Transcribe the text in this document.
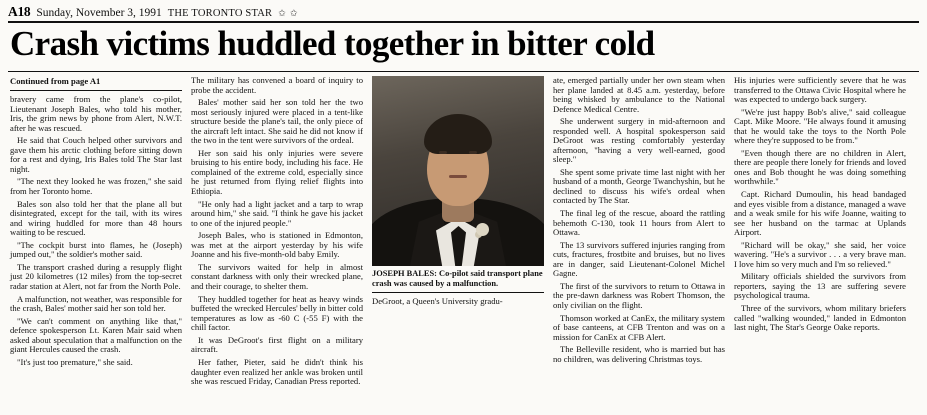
A18 Sunday, November 3, 1991 THE TORONTO STAR ✩ ✩
Crash victims huddled together in bitter cold
Continued from page A1

bravery came from the plane's co-pilot, Lieutenant Joseph Bales, who told his mother, Iris, the grim news by phone from Alert, N.W.T. after he was rescued.

He said that Couch helped other survivors and gave them his arctic clothing before sitting down for a rest and dying, Iris Bales told The Star last night.

"The next they looked he was frozen," she said from her Toronto home.

Bales son also told her that the plane all but disintegrated, except for the tail, with its wires and wiring huddled for more than 48 hours waiting to be rescued.

"The cockpit burst into flames, he (Joseph) jumped out," the soldier's mother said.

The transport crashed during a resupply flight just 20 kilometres (12 miles) from the top-secret radar station at Alert, not far from the North Pole.

A malfunction, not weather, was responsible for the crash, Bales' mother said her son told her.

"We can't comment on anything like that," defence spokesperson Lt. Karen Mair said when asked about speculation that a malfunction on the giant Hercules caused the crash.

"It's just too premature," she said.

The military has convened a board of inquiry to probe the accident.

Bales' mother said her son told her the two most seriously injured were placed in a tent-like structure beside the plane's tail, the only piece of the aircraft left intact. She said he did not know if the two in the tent were survivors of the ordeal.

Her son said his only injuries were severe bruising to his entire body, including his face. He complained of the extreme cold, especially since he just returned from flying relief flights into Ethiopia.

"He only had a light jacket and a tarp to wrap around him," she said. "I think he gave his jacket to one of the injured people."

Joseph Bales, who is stationed in Edmonton, was met at the airport yesterday by his wife Joanne and his five-month-old baby Emily.

The survivors waited for help in almost constant darkness with only their wrecked plane, and their courage, to shelter them.

They huddled together for heat as heavy winds buffeted the wrecked Hercules' belly in bitter cold temperatures as low as -60 C (-55 F) with the chill factor.

It was DeGroot's first flight on a military aircraft.

Her father, Pieter, said he didn't think his daughter even realized her ankle was broken until she was rescued Friday, Canadian Press reported.

JOSEPH BALES: Co-pilot said transport plane crash was caused by a malfunction.

DeGroot, a Queen's University gradu-

ate, emerged partially under her own steam when her plane landed at 8.45 a.m. yesterday, before being whisked by ambulance to the National Defence Medical Centre.

She underwent surgery in mid-afternoon and responded well. A hospital spokesperson said DeGroot was resting comfortably yesterday afternoon, "having a very well-earned, good sleep."

She spent some private time last night with her husband of a month, George Twanchyshin, but he declined to discuss his wife's ordeal when contacted by The Star.

The final leg of the rescue, aboard the rattling behemoth C-130, took 11 hours from Alert to Ottawa.

The 13 survivors suffered injuries ranging from cuts, fractures, frostbite and bruises, but no lives are in danger, said Lieutenant-Colonel Michel Gagne.

The first of the survivors to return to Ottawa in the pre-dawn darkness was Robert Thomson, the only civilian on the flight.

Thomson worked at CanEx, the military system of base canteens, at CFB Trenton and was on a mission for CanEx at CFB Alert.

The Belleville resident, who is married but has no children, was delivering Christmas toys.

His injuries were sufficiently severe that he was transferred to the Ottawa Civic Hospital where he was expected to undergo back surgery.

"We're just happy Bob's alive," said colleague Capt. Mike Moore. "He always found it amusing that he would take the toys to the North Pole where they're supposed to be from."

"Even though there are no children in Alert, there are people there lonely for friends and loved ones and Bob thought he was doing something worthwhile."

Capt. Richard Dumoulin, his head bandaged and eyes visible from a distance, managed a wave and a weak smile for his wife Joanne, waiting to see her husband on the tarmac at Uplands Airport.

"Richard will be okay," she said, her voice wavering. "He's a survivor . . . a very brave man. I love him so very much and I'm so relieved."

Military officials shielded the survivors from reporters, saying the 13 are suffering severe psychological trauma.

Three of the survivors, whom military briefers called "walking wounded," landed in Edmonton last night, The Star's George Oake reports.
